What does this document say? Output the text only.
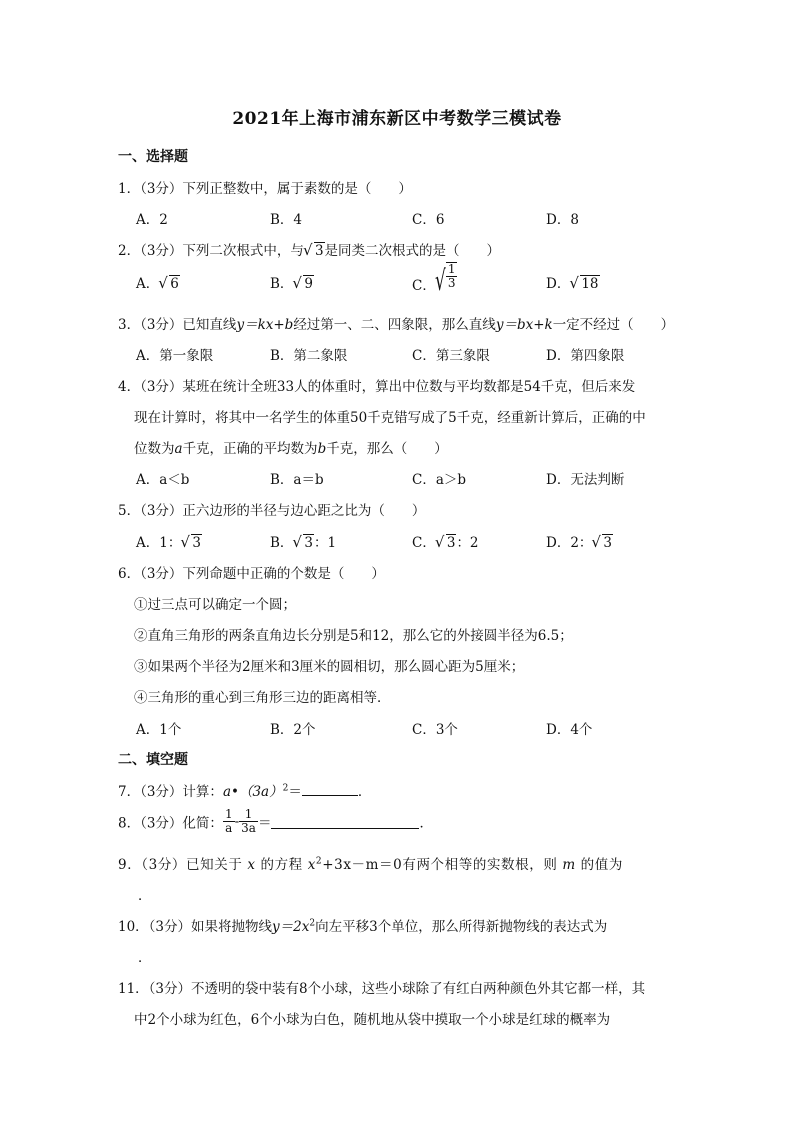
2021年上海市浦东新区中考数学三模试卷
一、选择题
1．（3分）下列正整数中，属于素数的是（　　）
A．2	B．4	C．6	D．8
2．（3分）下列二次根式中，与 √ 3是同类二次根式的是（　　）
A． √ 6	B． √ 9	C． √ $\frac{1}{3}$	D． √ 18
3．（3分）已知直线y＝kx+b经过第一、二、四象限，那么直线y＝bx+k一定不经过（　　）
A．第一象限	B．第二象限	C．第三象限	D．第四象限
4．（3分）某班在统计全班33人的体重时，算出中位数与平均数都是54千克，但后来发
现在计算时，将其中一名学生的体重50千克错写成了5千克，经重新计算后，正确的中
位数为a千克，正确的平均数为b千克，那么（　　）
A．a＜b	B．a＝b	C．a＞b	D．无法判断
5．（3分）正六边形的半径与边心距之比为（　　）
A．1： √ 3	B． √ 3：1	C． √ 3：2	D．2： √ 3
6．（3分）下列命题中正确的个数是（　　）
①过三点可以确定一个圆；
②直角三角形的两条直角边长分别是5和12，那么它的外接圆半径为6.5；
③如果两个半径为2厘米和3厘米的圆相切，那么圆心距为5厘米；
④三角形的重心到三角形三边的距离相等．
A．1个	B．2个	C．3个	D．4个
二、填空题
7．（3分）计算：$a•(3a)^2=$	．
8．（3分）化简： $\frac{1}{a} - \frac{1}{3a}$ ＝	．
9．（3分）已知关于 x 的方程 $x^2+3x-m=0$有两个相等的实数根，则 m 的值为
．
10．（3分）如果将抛物线$y=2x^2$向左平移3个单位，那么所得新抛物线的表达式为
．
11．（3分）不透明的袋中装有8个小球，这些小球除了有红白两种颜色外其它都一样，其
中2个小球为红色，6个小球为白色，随机地从袋中摸取一个小球是红球的概率为
